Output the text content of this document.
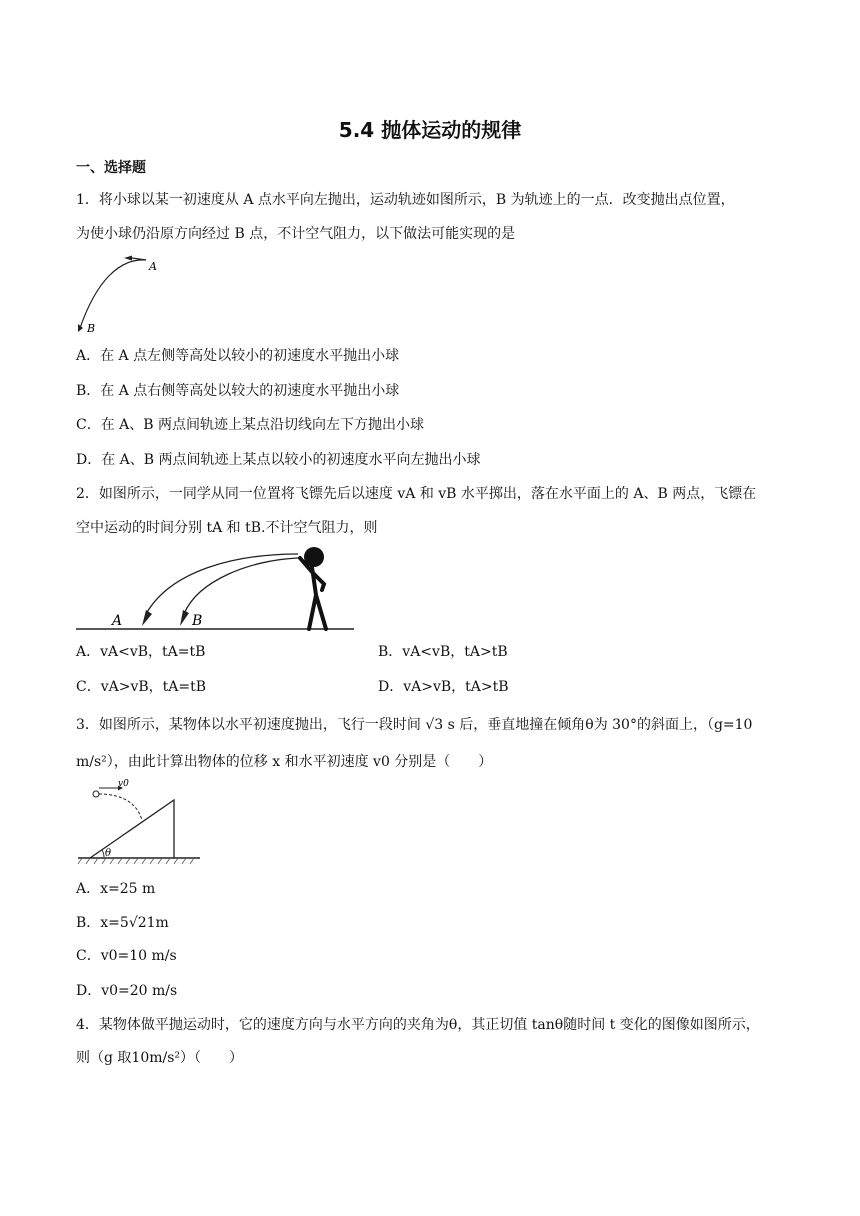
5.4 抛体运动的规律
一、选择题
1．将小球以某一初速度从 A 点水平向左抛出，运动轨迹如图所示，B 为轨迹上的一点．改变抛出点位置，
为使小球仍沿原方向经过 B 点，不计空气阻力，以下做法可能实现的是
A
B
A．在 A 点左侧等高处以较小的初速度水平抛出小球
B．在 A 点右侧等高处以较大的初速度水平抛出小球
C．在 A、B 两点间轨迹上某点沿切线向左下方抛出小球
D．在 A、B 两点间轨迹上某点以较小的初速度水平向左抛出小球
2．如图所示，一同学从同一位置将飞镖先后以速度 vA 和 vB 水平掷出，落在水平面上的 A、B 两点，飞镖在
空中运动的时间分别 tA 和 tB.不计空气阻力，则
A	B
A．vA<vB，tA=tB	B．vA<vB，tA>tB
C．vA>vB，tA=tB	D．vA>vB，tA>tB
3．如图所示，某物体以水平初速度抛出，飞行一段时间 √3 s 后，垂直地撞在倾角θ为 30°的斜面上，（g=10
m/s²），由此计算出物体的位移 x 和水平初速度 v0 分别是（　　）
v0
θ
A．x=25 m
B．x=5√21m
C．v0=10 m/s
D．v0=20 m/s
4．某物体做平抛运动时，它的速度方向与水平方向的夹角为θ，其正切值 tanθ随时间 t 变化的图像如图所示，
则（g 取10m/s²）（　　）
